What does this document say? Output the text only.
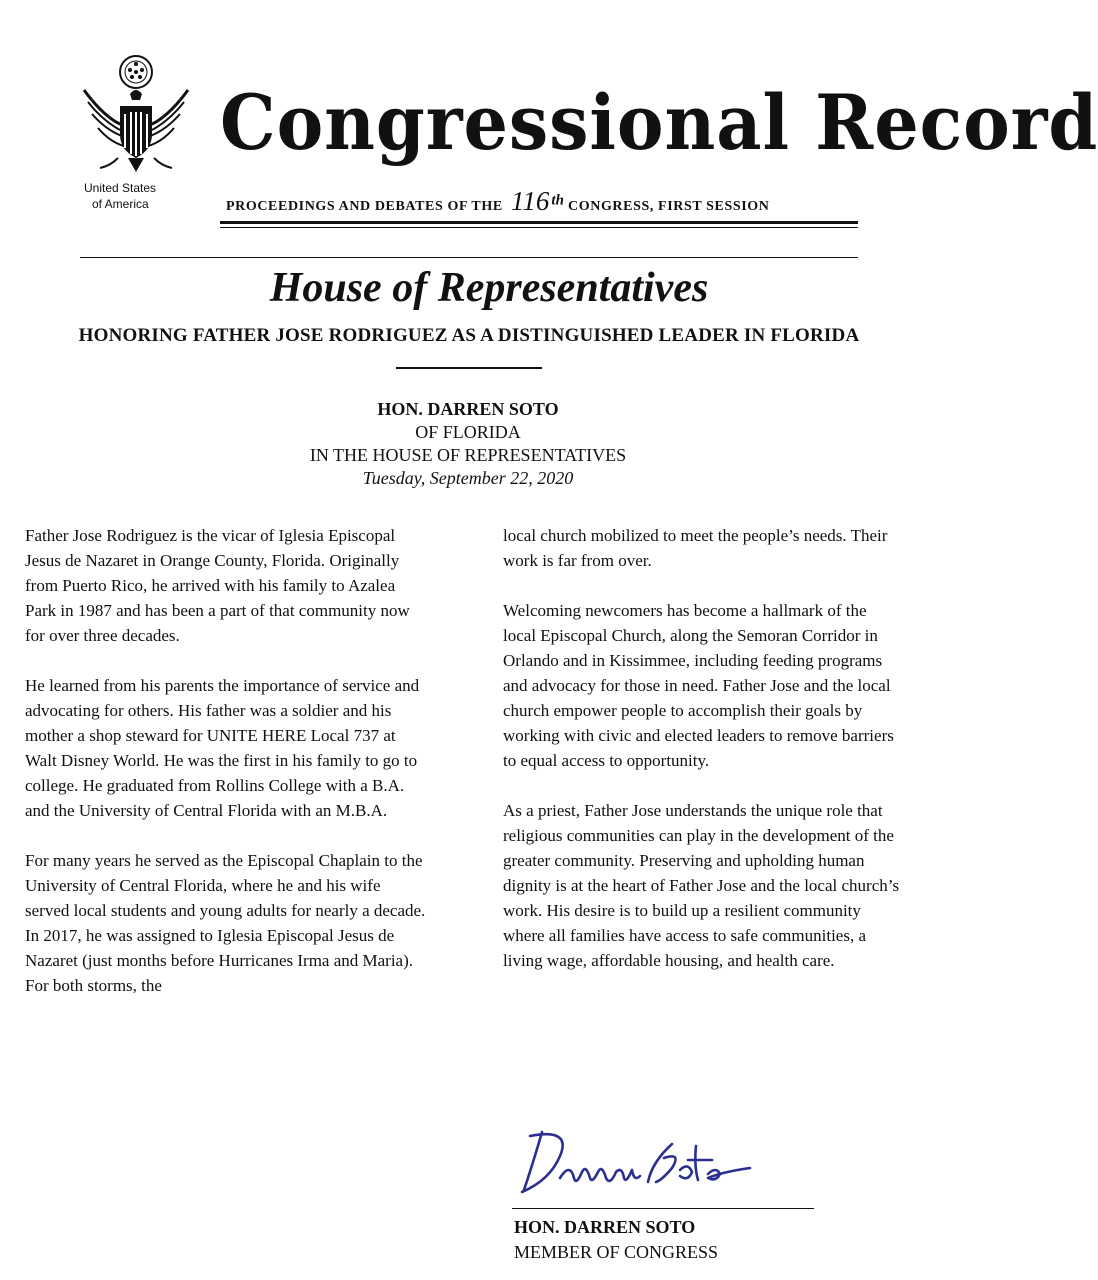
United States
of America
Congressional Record
PROCEEDINGS AND DEBATES OF THE 116 $^{th}$ CONGRESS, FIRST SESSION
House of Representatives
HONORING FATHER JOSE RODRIGUEZ AS A DISTINGUISHED LEADER IN FLORIDA
HON. DARREN SOTO
OF FLORIDA
IN THE HOUSE OF REPRESENTATIVES
Tuesday, September 22, 2020

Father Jose Rodriguez is the vicar of Iglesia Episcopal Jesus de Nazaret in Orange County, Florida. Originally from Puerto Rico, he arrived with his family to Azalea Park in 1987 and has been a part of that community now for over three decades.

He learned from his parents the importance of service and advocating for others. His father was a soldier and his mother a shop steward for UNITE HERE Local 737 at Walt Disney World. He was the first in his family to go to college. He graduated from Rollins College with a B.A. and the University of Central Florida with an M.B.A.

For many years he served as the Episcopal Chaplain to the University of Central Florida, where he and his wife served local students and young adults for nearly a decade. In 2017, he was assigned to Iglesia Episcopal Jesus de Nazaret (just months before Hurricanes Irma and Maria). For both storms, the

local church mobilized to meet the people’s needs. Their work is far from over.

Welcoming newcomers has become a hallmark of the local Episcopal Church, along the Semoran Corridor in Orlando and in Kissimmee, including feeding programs and advocacy for those in need. Father Jose and the local church empower people to accomplish their goals by working with civic and elected leaders to remove barriers to equal access to opportunity.

As a priest, Father Jose understands the unique role that religious communities can play in the development of the greater community. Preserving and upholding human dignity is at the heart of Father Jose and the local church’s work. His desire is to build up a resilient community where all families have access to safe communities, a living wage, affordable housing, and health care.

HON. DARREN SOTO
MEMBER OF CONGRESS
